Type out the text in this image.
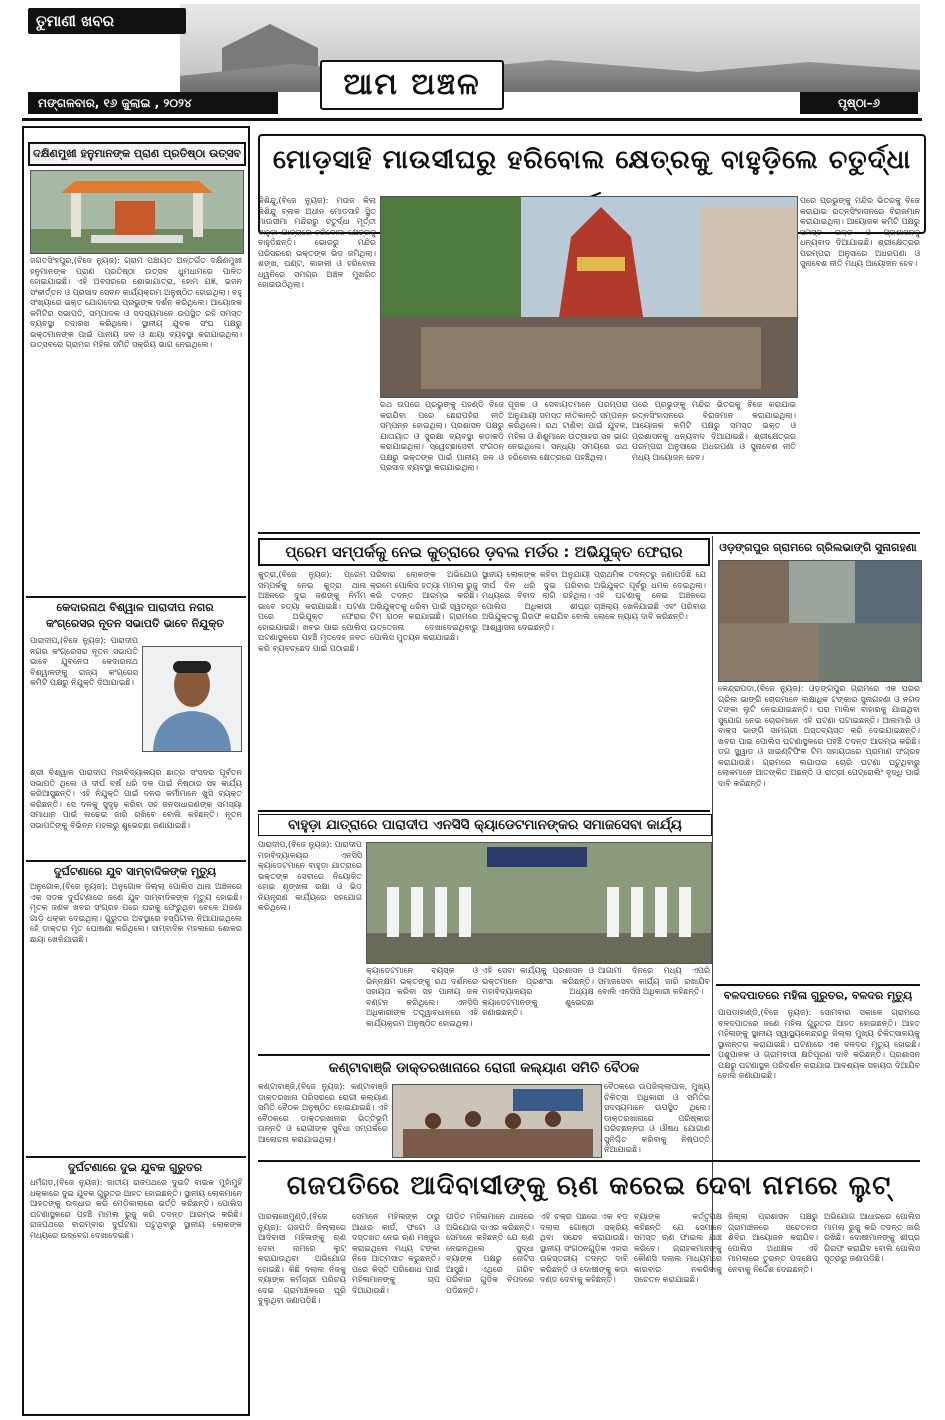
ତୁମାଣୀ ଖବର
ଆମ ଅଞ୍ଚଳ
ମଙ୍ଗଳବାର, ୧୬ ଜୁଲାଇ , ୨୦୨୪	ପୃଷ୍ଠା–୬
ଦକ୍ଷିଣମୁଖୀ ହନୁମାନଙ୍କ ପ୍ରାଣ ପ୍ରତିଷ୍ଠା ଉତ୍ସବ
ଜଗତସିଂହପୁର,(ବିଜେ ନ୍ୟୁଜ): ଗ୍ରାମ ପଞ୍ଚାୟତ ଅନ୍ତର୍ଗତ ଦକ୍ଷିଣମୁଖୀ ହନୁମାନଙ୍କ ପ୍ରାଣ ପ୍ରତିଷ୍ଠା ଉତ୍ସବ ଧୁମଧାମରେ ପାଳିତ ହୋଇଯାଇଛି। ଏହି ଅବସରରେ ଶୋଭାଯାତ୍ରା, ହୋମ ଯଜ୍ଞ, ଭଜନ ସଂକୀର୍ତ୍ତନ ଓ ପ୍ରସାଦ ସେବନ କାର୍ଯ୍ୟକ୍ରମ ଅନୁଷ୍ଠିତ ହୋଇଥିଲା। ବହୁ ସଂଖ୍ୟାରେ ଭକ୍ତ ଯୋଗଦେଇ ପ୍ରଭୁଙ୍କ ଦର୍ଶନ କରିଥିଲେ। ଆୟୋଜକ କମିଟିର ସଭାପତି, ସମ୍ପାଦକ ଓ ସଦସ୍ୟମାନେ ଉପସ୍ଥିତ ରହି ସମସ୍ତ ବ୍ୟବସ୍ଥା ତଦାରଖ କରିଥିଲେ। ସ୍ଥାନୀୟ ଯୁବକ ସଂଘ ପକ୍ଷରୁ ଭକ୍ତମାନଙ୍କ ପାଇଁ ପାନୀୟ ଜଳ ଓ ଛାୟା ବ୍ୟବସ୍ଥା କରାଯାଇଥିଲା। ଉତ୍ସବରେ ଗ୍ରାମର ମହିଳା ସମିତି ସକ୍ରିୟ ଭାଗ ନେଇଥିଲେ।
କେଦାରନାଥ ବିଶ୍ୱାଳ ପାରାଦୀପ ନଗର
କଂଗ୍ରେସର ନୂତନ ସଭାପତି ଭାବେ ନିଯୁକ୍ତ
ପାରାଦୀପ,(ବିଜେ ନ୍ୟୁଜ): ପାରାଦୀପ ନଗର କଂଗ୍ରେସର ନୂତନ ସଭାପତି ଭାବେ ଯୁବନେତା କେଦାରନାଥ ବିଶ୍ୱାଳଙ୍କୁ ରାଜ୍ୟ କଂଗ୍ରେସ କମିଟି ପକ୍ଷରୁ ନିଯୁକ୍ତି ଦିଆଯାଇଛି।
ଶ୍ରୀ ବିଶ୍ୱାଳ ପାରାଦୀପ ମହାବିଦ୍ୟାଳୟର ଛାତ୍ର ସଂସଦର ପୂର୍ବତନ ସଭାପତି ଥିଲେ ଓ ଦୀର୍ଘ ବର୍ଷ ଧରି ଦଳ ପାଇଁ ନିଷ୍ଠାର ସହ କାର୍ଯ୍ୟ କରିଆସୁଛନ୍ତି। ଏହି ନିଯୁକ୍ତି ପାଇଁ ଦଳର କର୍ମୀମାନେ ଖୁସି ବ୍ୟକ୍ତ କରିଛନ୍ତି। ସେ ଦଳକୁ ସୁଦୃଢ଼ କରିବା ସହ ଜନସାଧାରଣଙ୍କ ସମସ୍ୟା ସମାଧାନ ପାଇଁ ଲଢ଼େଇ ଜାରି ରଖିବେ ବୋଲି କହିଛନ୍ତି। ନୂତନ ସଭାପତିଙ୍କୁ ବିଭିନ୍ନ ମହଲରୁ ଶୁଭେଚ୍ଛା ଜଣାଯାଇଛି।
ଦୁର୍ଘଟଣାରେ ଯୁବ ସାମ୍ବାଦିକଙ୍କ ମୃତ୍ୟୁ
ଅନୁଗୋଳ,(ବିଜେ ନ୍ୟୁଜ): ଅନୁଗୋଳ ଜିଲ୍ଲା ପୋଲିସ ଥାନା ଅଞ୍ଚଳରେ ଏକ ସଡ଼କ ଦୁର୍ଘଟଣାରେ ଜଣେ ଯୁବ ସାମ୍ବାଦିକଙ୍କ ମୃତ୍ୟୁ ହୋଇଛି। ମୃତକ ଜଣକ ଖବର ସଂଗ୍ରହ ପରେ ଘରକୁ ଫେରୁଥିବା ବେଳେ ଅଜଣା ଗାଡ଼ି ଧକ୍କା ଦେଇଥିଲା। ଗୁରୁତର ଅବସ୍ଥାରେ ହସ୍ପିଟାଲ ନିଆଯାଇଥିଲେ ହେଁ ଡାକ୍ତର ମୃତ ଘୋଷଣା କରିଥିଲେ। ସାମ୍ବାଦିକ ମହଲରେ ଶୋକର ଛାୟା ଖେଳିଯାଇଛି।
ଦୁର୍ଘଟଣାରେ ଦୁଇ ଯୁବକ ଗୁରୁତର
ଧର୍ମଗଡ଼,(ବିଜେ ନ୍ୟୁଜ): ଜାତୀୟ ରାଜପଥରେ ଦୁଇଟି ବାଇକ ମୁହାଁମୁହିଁ ଧକ୍କାରେ ଦୁଇ ଯୁବକ ଗୁରୁତର ଆହତ ହୋଇଛନ୍ତି। ସ୍ଥାନୀୟ ଲୋକମାନେ ଆହତଙ୍କୁ ଉଦ୍ଧାର କରି ମେଡ଼ିକାଲରେ ଭର୍ତ୍ତି କରିଛନ୍ତି। ପୋଲିସ ଘଟଣାସ୍ଥଳରେ ପହଞ୍ଚି ମାମଲା ରୁଜୁ କରି ତଦନ୍ତ ଆରମ୍ଭ କରିଛି। ରାଜପଥରେ ବାରମ୍ବାର ଦୁର୍ଘଟଣା ଘଟୁଥିବାରୁ ସ୍ଥାନୀୟ ଲୋକଙ୍କ ମଧ୍ୟରେ ଉଦ୍‌ବେଗ ଦେଖାଦେଇଛି।
ମୋଡ଼ସାହି ମାଉସୀଘରୁ ହରିବୋଲ କ୍ଷେତ୍ରକୁ ବାହୁଡ଼ିଲେ ଚତୁର୍ଦ୍ଧା
କିଶିନ୍ଦୁ,(ବିଜେ ନ୍ୟୁଜ): ମଉଜ କିଲା କିଶିନ୍ଦୁ ବ୍ଲକ ଅଧୀନ ମୋଡ଼ସାହି ସ୍ଥିତ ମାଉସୀମା ମନ୍ଦିରରୁ ଚତୁର୍ଦ୍ଧା ମୂର୍ତ୍ତୀ ବାହୁଡ଼ା ଯାତ୍ରାରେ ହରିବୋଲ କ୍ଷେତ୍ରକୁ ବାହୁଡ଼ିଛନ୍ତି। ଭୋରରୁ ମନ୍ଦିର ପରିସରରେ ଭକ୍ତଙ୍କ ଭିଡ଼ ଜମିଥିଲା। ଶଙ୍ଖ, ଘଣ୍ଟ, କାହାଳୀ ଓ ହରିବୋଲ ଧ୍ୱନିରେ ସମଗ୍ର ଅଞ୍ଚଳ ମୁଖରିତ ହୋଇଉଠିଥିଲା।
ରଥ ଉପରେ ପ୍ରଭୁଙ୍କୁ ପହଣ୍ଡି ବିଜେ କରାଯିବା ପରେ ଛେରାପହଁରା ନୀତି ସମ୍ପନ୍ନ ହୋଇଥିଲା। ପ୍ରଶାସନ ପକ୍ଷରୁ ଯାତାୟାତ ଓ ସୁରକ୍ଷା ବ୍ୟବସ୍ଥା କଡ଼ାକଡ଼ି କରାଯାଇଥିଲା। ସ୍ୱେଚ୍ଛାସେବୀ ସଂଗଠନ ପକ୍ଷରୁ ଭକ୍ତଙ୍କ ପାଇଁ ପାନୀୟ ଜଳ ଓ ପ୍ରସାଦ ବ୍ୟବସ୍ଥା କରାଯାଇଥିଲା।
ପୂଜକ ଓ ସେବାୟତମାନେ ପରମ୍ପରା ଅନୁଯାୟୀ ସମସ୍ତ ନୀତିକାନ୍ତି ସମ୍ପନ୍ନ କରିଥିଲେ। ରଥ ଟାଣିବା ପାଇଁ ଯୁବକ, ମହିଳା ଓ ଶିଶୁମାନେ ଉତ୍ସାହର ସହ ଭାଗ ନେଇଥିଲେ। ସନ୍ଧ୍ୟା ସମୟରେ ରଥ ହରିବୋଲ କ୍ଷେତ୍ରରେ ପହଞ୍ଚିଥିଲା।
ପରେ ପ୍ରଭୁଙ୍କୁ ମନ୍ଦିର ଭିତରକୁ ବିଜେ କରାଯାଇ ରତ୍ନସିଂହାସନରେ ବିରାଜମାନ କରାଯାଇଥିଲା। ଆୟୋଜକ କମିଟି ପକ୍ଷରୁ ସମସ୍ତ ଭକ୍ତ ଓ ପ୍ରଶାସନକୁ ଧନ୍ୟବାଦ ଦିଆଯାଇଛି। ଶ୍ରୀକ୍ଷେତ୍ରର ପରମ୍ପରା ଅନୁସାରେ ଅଧରପଣା ଓ ସୁନାବେଶ ନୀତି ମଧ୍ୟ ଆୟୋଜନ ହେବ।
ପରେ ପ୍ରଭୁଙ୍କୁ ମନ୍ଦିର ଭିତରକୁ ବିଜେ କରାଯାଇ ରତ୍ନସିଂହାସନରେ ବିରାଜମାନ କରାଯାଇଥିଲା। ଆୟୋଜକ କମିଟି ପକ୍ଷରୁ ସମସ୍ତ ଭକ୍ତ ଓ ପ୍ରଶାସନକୁ ଧନ୍ୟବାଦ ଦିଆଯାଇଛି। ଶ୍ରୀକ୍ଷେତ୍ରର ପରମ୍ପରା ଅନୁସାରେ ଅଧରପଣା ଓ ସୁନାବେଶ ନୀତି ମଧ୍ୟ ଆୟୋଜନ ହେବ।
ପ୍ରେମ ସମ୍ପର୍କକୁ ନେଇ କୁତ୍ରାରେ ଡ଼ବଲ ମର୍ଡର : ଅଭିଯୁକ୍ତ ଫେରାର
କୁତ୍ରା,(ବିଜେ ନ୍ୟୁଜ): ପ୍ରେମ ସମ୍ପର୍କକୁ ନେଇ କୁତ୍ରା ଥାନା ଅଞ୍ଚଳରେ ଦୁଇ ଜଣଙ୍କୁ ନିର୍ମମ ଭାବେ ହତ୍ୟା କରାଯାଇଛି। ଘଟଣା ପରେ ଅଭିଯୁକ୍ତ ଫେରାର ହୋଇଯାଇଛି। ଖବର ପାଇ ପୋଲିସ ଘଟଣାସ୍ଥଳରେ ପହଞ୍ଚି ମୃତଦେହ ଜବତ କରି ବ୍ୟବଚ୍ଛେଦ ପାଇଁ ପଠାଇଛି।
ପରିବାର ଲୋକଙ୍କ ଅଭିଯୋଗ କ୍ରମେ ପୋଲିସ ହତ୍ୟା ମାମଲା ରୁଜୁ କରି ତଦନ୍ତ ଆରମ୍ଭ କରିଛି। ଅଭିଯୁକ୍ତକୁ ଧରିବା ପାଇଁ ସ୍ୱତନ୍ତ୍ର ଟିମ ଗଠନ କରାଯାଇଛି। ଗ୍ରାମରେ ଉତ୍ତେଜନା ଦେଖାଦେଇଥିବାରୁ ପୋଲିସ ମୁତୟନ କରାଯାଇଛି।
ସ୍ଥାନୀୟ ଲୋକଙ୍କ କହିବା ଅନୁଯାୟୀ ଦୀର୍ଘ ଦିନ ଧରି ଦୁଇ ପରିବାର ମଧ୍ୟରେ ବିବାଦ ଲାଗି ରହିଥିଲା। ପୋଲିସ ଅଧିକାରୀ ଶୀଘ୍ର ଅଭିଯୁକ୍ତକୁ ଗିରଫ କରାଯିବ ବୋଲି ଆଶ୍ୱାସନା ଦେଇଛନ୍ତି।
ପ୍ରାଥମିକ ତଦନ୍ତରୁ ଜଣାପଡ଼ିଛି ଯେ ଅଭିଯୁକ୍ତ ପୂର୍ବରୁ ଧମକ ଦେଇଥିଲା। ଏହି ଘଟଣାକୁ ନେଇ ଅଞ୍ଚଳରେ ଚାଞ୍ଚଲ୍ୟ ଖେଳିଯାଇଛି ଏବଂ ପରିବାର ଲୋକେ ନ୍ୟାୟ ଦାବି କରିଛନ୍ତି।
ଓଡ଼ଙ୍ଗପୁର ଗ୍ରାମରେ ଗ୍ରିଲଭାଙ୍ଗି ସୁନାଗହଣା
କେନ୍ଦ୍ରାପଡ଼ା,(ବିଜେ ନ୍ୟୁଜ): ଓଡ଼ଙ୍ଗପୁର ଗ୍ରାମରେ ଏକ ଘରର ଗ୍ରିଲ ଭାଙ୍ଗି ଚୋରମାନେ ଲକ୍ଷାଧିକ ଟଙ୍କାର ସୁନାଗହଣା ଓ ନଗଦ ଟଙ୍କା ଲୁଟି ନେଇଯାଇଛନ୍ତି। ଘର ମାଲିକ ବାହାରକୁ ଯାଇଥିବା ସୁଯୋଗ ନେଇ ଚୋରମାନେ ଏହି ଘଟଣା ଘଟାଇଛନ୍ତି। ଆଲମାରି ଓ ବାକ୍ସ ଭାଙ୍ଗି ସାମଗ୍ରୀ ଅସ୍ତବ୍ୟସ୍ତ କରି ଦେଇଯାଇଛନ୍ତି। ଖବର ପାଇ ପୋଲିସ ଘଟଣାସ୍ଥଳରେ ପହଞ୍ଚି ତଦନ୍ତ ଆରମ୍ଭ କରିଛି। ଡଗ ସ୍କ୍ୱାଡ ଓ ସାଇଣ୍ଟିଫିକ ଟିମ ସହାୟତାରେ ପ୍ରମାଣ ସଂଗ୍ରହ କରାଯାଉଛି। ଗ୍ରାମରେ ଲଗାତାର ଚୋରି ଘଟଣା ଘଟୁଥିବାରୁ ଲୋକମାନେ ଆତଙ୍କିତ ଅଛନ୍ତି ଓ ରାତ୍ରୀ ପେଟ୍ରୋଲିଂ ବୃଦ୍ଧି ପାଇଁ ଦାବି କରିଛନ୍ତି।
ବାହୁଡ଼ା ଯାତ୍ରାରେ ପାରାଦୀପ ଏନସିସି କ୍ୟାଡେଟମାନଙ୍କର ସମାଜସେବା କାର୍ଯ୍ୟ
ପାରାଦୀପ,(ବିଜେ ନ୍ୟୁଜ): ପାରାଦୀପ ମହାବିଦ୍ୟାଳୟର ଏନସିସି କ୍ୟାଡେଟମାନେ ବାହୁଡ଼ା ଯାତ୍ରାରେ ଭକ୍ତଙ୍କ ସେବାରେ ନିୟୋଜିତ ହୋଇ ଶୃଙ୍ଖଳା ରକ୍ଷା ଓ ଭିଡ଼ ନିୟନ୍ତ୍ରଣ କାର୍ଯ୍ୟରେ ସହଯୋଗ କରିଥିଲେ।
କ୍ୟାଡେଟମାନେ ବୟସ୍କ ଓ ଭିନ୍ନକ୍ଷମ ଭକ୍ତଙ୍କୁ ରଥ ଦର୍ଶନରେ ସହାୟତା କରିବା ସହ ପାନୀୟ ଜଳ ବଣ୍ଟନ କରିଥିଲେ। ଏନସିସି ଅଧିକାରୀଙ୍କ ତତ୍ତ୍ୱାବଧାନରେ ଏହି କାର୍ଯ୍ୟକ୍ରମ ଅନୁଷ୍ଠିତ ହୋଇଥିଲା।
ଏହି ସେବା କାର୍ଯ୍ୟକୁ ପ୍ରଶାସନ ଓ ଭକ୍ତମାନେ ପ୍ରଶଂସା କରିଛନ୍ତି। ମହାବିଦ୍ୟାଳୟର ଅଧ୍ୟକ୍ଷ କ୍ୟାଡେଟମାନଙ୍କୁ ଶୁଭେଚ୍ଛା ଜଣାଇଛନ୍ତି।
ଆଗାମୀ ଦିନରେ ମଧ୍ୟ ଏପରି ସମାଜସେବା କାର୍ଯ୍ୟ ଜାରି ରଖାଯିବ ବୋଲି ଏନସିସି ଅଧିକାରୀ କହିଛନ୍ତି।	ବଳଦପାତରେ ମହିଳା ଗୁରୁତର, ବଳଦର ମୃତ୍ୟୁ
ପାପଡ଼ାହାଣ୍ଡି,(ବିଜେ ନ୍ୟୁଜ): ସୋମବାର ସକାଳେ ଗ୍ରାମରେ ବଳଦପାତରେ ଜଣେ ମହିଳା ଗୁରୁତର ଆହତ ହୋଇଛନ୍ତି। ଆହତ ମହିଳାଙ୍କୁ ସ୍ଥାନୀୟ ସ୍ୱାସ୍ଥ୍ୟକେନ୍ଦ୍ରରୁ ଜିଲ୍ଲା ମୁଖ୍ୟ ଚିକିତ୍ସାଳୟକୁ ସ୍ଥାନାନ୍ତର କରାଯାଇଛି। ଘଟଣାରେ ଏକ ବଳଦର ମୃତ୍ୟୁ ହୋଇଛି। ପଶୁପାଳକ ଓ ଗ୍ରାମବାସୀ କ୍ଷତିପୂରଣ ଦାବି କରିଛନ୍ତି। ପ୍ରଶାସନ ପକ୍ଷରୁ ଘଟଣାସ୍ଥଳ ପରିଦର୍ଶନ କରାଯାଇ ଆବଶ୍ୟକ ସହାୟତା ଦିଆଯିବ ବୋଲି ଜଣାଯାଇଛି।
କଣ୍ଟାବାଞ୍ଜି ଡାକ୍ତରଖାନାରେ ରୋଗୀ କଲ୍ୟାଣ ସମିତି ବୈଠକ
କଣ୍ଟାବାଞ୍ଜି,(ବିଜେ ନ୍ୟୁଜ): କଣ୍ଟାବାଞ୍ଜି ଡାକ୍ତରଖାନା ପରିସରରେ ରୋଗୀ କଲ୍ୟାଣ ସମିତି ବୈଠକ ଅନୁଷ୍ଠିତ ହୋଇଯାଇଛି। ଏହି ବୈଠକରେ ଡାକ୍ତରଖାନାର ଭିତ୍ତିଭୂମି ଉନ୍ନତି ଓ ରୋଗୀଙ୍କ ସୁବିଧା ସମ୍ପର୍କରେ ଆଲୋଚନା କରାଯାଇଥିଲା।
ବୈଠକରେ ଉପଜିଲ୍ଲାପାଳ, ମୁଖ୍ୟ ଚିକିତ୍ସା ଅଧିକାରୀ ଓ ସମିତିର ସଦସ୍ୟମାନେ ଉପସ୍ଥିତ ଥିଲେ। ଡାକ୍ତରଖାନାରେ ପରିଷ୍କାର ପରିଚ୍ଛନ୍ନତା ଓ ଔଷଧ ଯୋଗାଣ ସୁନିଶ୍ଚିତ କରିବାକୁ ନିଷ୍ପତ୍ତି ନିଆଯାଇଛି।
ଗଜପତିରେ ଆଦିବାସୀଙ୍କୁ ଋଣ କରେଇ ଦେବା ନାମରେ ଲୁଟ୍
ପାରଳାଖେମୁଣ୍ଡି,(ବିଜେ ନ୍ୟୁଜ): ଗଜପତି ଜିଲ୍ଲାରେ ଆଦିବାସୀ ମହିଳାଙ୍କୁ ଋଣ ଦେବା ନାମରେ ଲୁଟ୍ କରାଯାଉଥିବା ଅଭିଯୋଗ ହୋଇଛି। କିଛି ଦଲାଲ ନିଜକୁ ବ୍ୟାଙ୍କ କର୍ମଚାରୀ ପରିଚୟ ଦେଇ ଗ୍ରାମାଞ୍ଚଳରେ ଘୂରି ବୁଲୁଥିବା ଜଣାପଡ଼ିଛି।
ସେମାନେ ମହିଳାଙ୍କ ଠାରୁ ଆଧାର କାର୍ଡ, ଫଟୋ ଓ ଦସ୍ତଖତ ନେଇ ଋଣ ମଞ୍ଜୁର କରାଇଥିଲେ ମଧ୍ୟ ଟଙ୍କା ନିଜେ ଆତ୍ମସାତ କରୁଛନ୍ତି। ପରେ କିସ୍ତି ପରିଶୋଧ ପାଇଁ ମହିଳାମାନଙ୍କୁ ଚାପ ଦିଆଯାଉଛି।
ପୀଡ଼ିତ ମହିଳାମାନେ ଥାନାରେ ଅଭିଯୋଗ ଦାଏର କରିଛନ୍ତି। ସେମାନେ କହିଛନ୍ତି ଯେ ଋଣ ନେଇନଥିଲେ ସୁଦ୍ଧା ବ୍ୟାଙ୍କ ପକ୍ଷରୁ ନୋଟିସ ଆସୁଛି। ଏଥିରେ ଗରିବ ପରିବାର ଗୁଡ଼ିକ ବିପଦରେ ପଡ଼ିଛନ୍ତି।
ଏହି ଚକ୍ର ପଛରେ ଏକ ବଡ଼ ଦଲାଲ ଗୋଷ୍ଠୀ ସକ୍ରିୟ ଥିବା ସନ୍ଦେହ କରାଯାଉଛି। ସ୍ଥାନୀୟ ସଂଗଠନଗୁଡ଼ିକ ଏହାର ଉଚ୍ଚସ୍ତରୀୟ ତଦନ୍ତ ଦାବି କରିଛନ୍ତି ଓ ଦୋଷୀଙ୍କୁ କଡ଼ା ଦଣ୍ଡ ଦେବାକୁ କହିଛନ୍ତି।
ବ୍ୟାଙ୍କ କର୍ତ୍ତୃପକ୍ଷ କହିଛନ୍ତି ଯେ ସେମାନେ ସମସ୍ତ ଋଣ ଫାଇଲ ଯାଞ୍ଚ କରିବେ। ଗ୍ରାହକମାନଙ୍କୁ କୌଣସି ଦଲାଲ ମାଧ୍ୟମରେ କାରବାର ନକରିବାକୁ ସଚେତନ କରାଯାଇଛି।
ଜିଲ୍ଲା ପ୍ରଶାସନ ପକ୍ଷରୁ ଗ୍ରାମାଞ୍ଚଳରେ ସଚେତନତା ଶିବିର ଆୟୋଜନ କରାଯିବ। ପୋଲିସ ଅଧୀକ୍ଷକ ଏହି ମାମଲାରେ ତୁରନ୍ତ ପଦକ୍ଷେପ ନେବାକୁ ନିର୍ଦ୍ଦେଶ ଦେଇଛନ୍ତି।
ଅଭିଯୋଗ ଆଧାରରେ ପୋଲିସ ମାମଲା ରୁଜୁ କରି ତଦନ୍ତ ଜାରି ରଖିଛି। ଦୋଷୀମାନଙ୍କୁ ଶୀଘ୍ର ଗିରଫ କରାଯିବ ବୋଲି ପୋଲିସ ସୂତ୍ରରୁ ଜଣାପଡ଼ିଛି।
